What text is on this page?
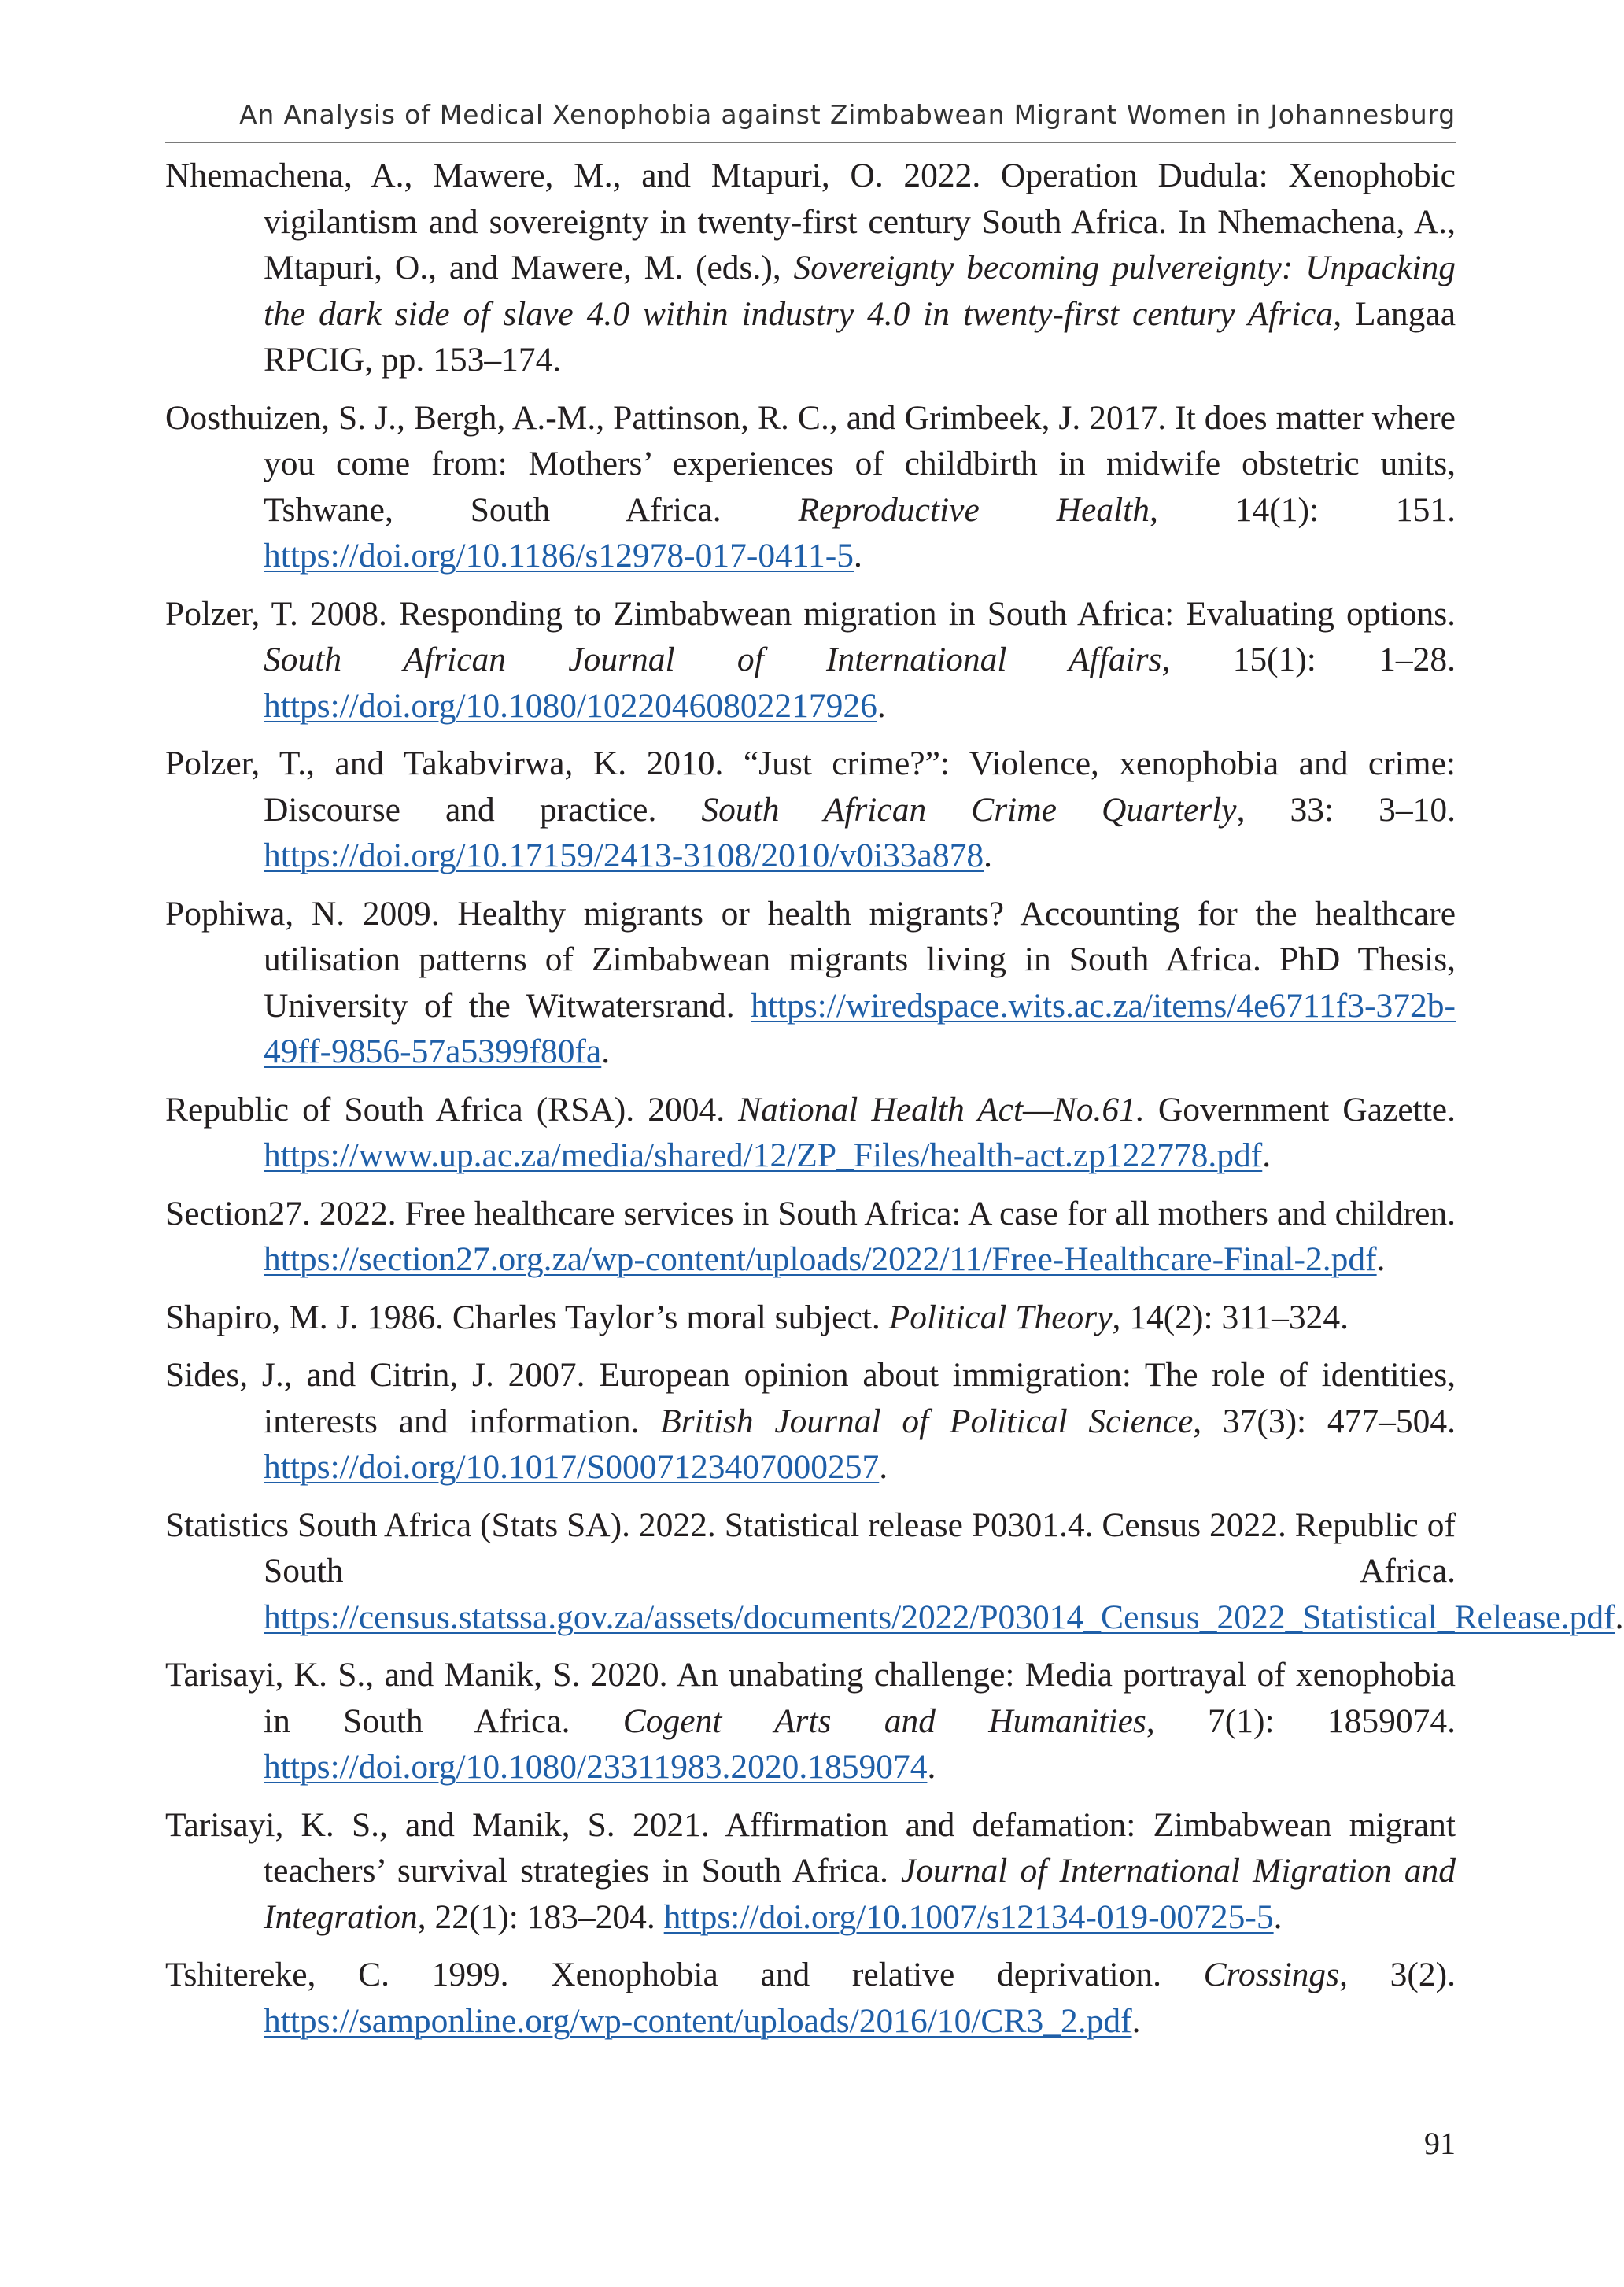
An Analysis of Medical Xenophobia against Zimbabwean Migrant Women in Johannesburg

Nhemachena, A., Mawere, M., and Mtapuri, O. 2022. Operation Dudula: Xenophobic vigilantism and sovereignty in twenty-first century South Africa. In Nhemachena, A., Mtapuri, O., and Mawere, M. (eds.), Sovereignty becoming pulvereignty: Unpacking the dark side of slave 4.0 within industry 4.0 in twenty-first century Africa, Langaa RPCIG, pp. 153–174.

Oosthuizen, S. J., Bergh, A.-M., Pattinson, R. C., and Grimbeek, J. 2017. It does matter where you come from: Mothers’ experiences of childbirth in midwife obstetric units, Tshwane, South Africa. Reproductive Health, 14(1): 151. https://doi.org/10.1186/s12978-017-0411-5.

Polzer, T. 2008. Responding to Zimbabwean migration in South Africa: Evaluating options. South African Journal of International Affairs, 15(1): 1–28. https://doi.org/10.1080/10220460802217926.

Polzer, T., and Takabvirwa, K. 2010. “Just crime?”: Violence, xenophobia and crime: Discourse and practice. South African Crime Quarterly, 33: 3–10. https://doi.org/10.17159/2413-3108/2010/v0i33a878.

Pophiwa, N. 2009. Healthy migrants or health migrants? Accounting for the healthcare utilisation patterns of Zimbabwean migrants living in South Africa. PhD Thesis, University of the Witwatersrand. https://wiredspace.wits.ac.za/items/4e6711f3-372b-49ff-9856-57a5399f80fa.

Republic of South Africa (RSA). 2004. National Health Act—No.61. Government Gazette. https://www.up.ac.za/media/shared/12/ZP_Files/health-act.zp122778.pdf.

Section27. 2022. Free healthcare services in South Africa: A case for all mothers and children. https://section27.org.za/wp-content/uploads/2022/11/Free-Healthcare-Final-2.pdf.

Shapiro, M. J. 1986. Charles Taylor’s moral subject. Political Theory, 14(2): 311–324.

Sides, J., and Citrin, J. 2007. European opinion about immigration: The role of identities, interests and information. British Journal of Political Science, 37(3): 477–504. https://doi.org/10.1017/S0007123407000257.

Statistics South Africa (Stats SA). 2022. Statistical release P0301.4. Census 2022. Republic of South Africa. https://census.statssa.gov.za/assets/documents/2022/P03014_Census_2022_Statistical_Release.pdf.

Tarisayi, K. S., and Manik, S. 2020. An unabating challenge: Media portrayal of xenophobia in South Africa. Cogent Arts and Humanities, 7(1): 1859074. https://doi.org/10.1080/23311983.2020.1859074.

Tarisayi, K. S., and Manik, S. 2021. Affirmation and defamation: Zimbabwean migrant teachers’ survival strategies in South Africa. Journal of International Migration and Integration, 22(1): 183–204. https://doi.org/10.1007/s12134-019-00725-5.

Tshitereke, C. 1999. Xenophobia and relative deprivation. Crossings, 3(2). https://samponline.org/wp-content/uploads/2016/10/CR3_2.pdf.

91
